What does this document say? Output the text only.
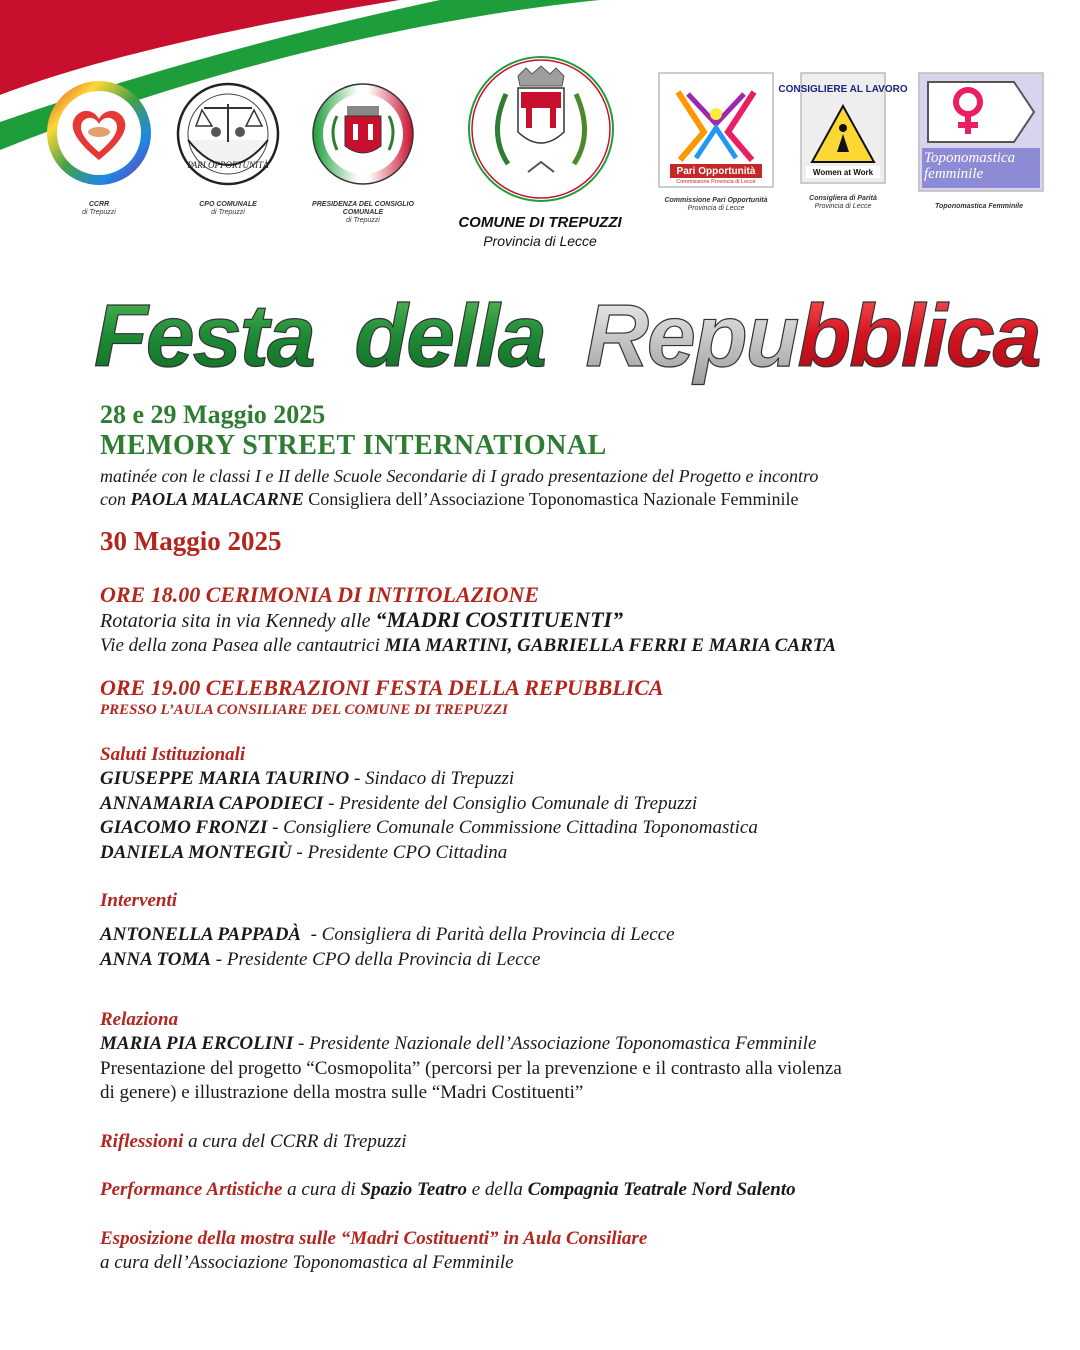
CCRR
di Trepuzzi
PARI OPPORTUNITÀ
CPO COMUNALE
di Trepuzzi
PRESIDENZA DEL CONSIGLIO COMUNALE
di Trepuzzi	COMUNE DI TREPUZZI
Provincia di Lecce
Pari Opportunità
Commissione Provincia di Lecce
Commissione Pari Opportunità
Provincia di Lecce
CONSIGLIERE AL LAVORO
Women at Work
Consigliera di Parità
Provincia di Lecce
Toponomastica femminile
Toponomastica Femminile
Festa della Repubblica
28 e 29 Maggio 2025
MEMORY STREET INTERNATIONAL
matinée con le classi I e II delle Scuole Secondarie di I grado presentazione del Progetto e incontro
con PAOLA MALACARNE Consigliera dell’Associazione Toponomastica Nazionale Femminile
30 Maggio 2025
ORE 18.00 CERIMONIA DI INTITOLAZIONE
Rotatoria sita in via Kennedy alle “MADRI COSTITUENTI”
Vie della zona Pasea alle cantautrici MIA MARTINI, GABRIELLA FERRI E MARIA CARTA
ORE 19.00 CELEBRAZIONI FESTA DELLA REPUBBLICA
PRESSO L’AULA CONSILIARE DEL COMUNE DI TREPUZZI
Saluti Istituzionali
GIUSEPPE MARIA TAURINO - Sindaco di Trepuzzi
ANNAMARIA CAPODIECI - Presidente del Consiglio Comunale di Trepuzzi
GIACOMO FRONZI - Consigliere Comunale Commissione Cittadina Toponomastica
DANIELA MONTEGIÙ - Presidente CPO Cittadina
Interventi
ANTONELLA PAPPADÀ  - Consigliera di Parità della Provincia di Lecce
ANNA TOMA - Presidente CPO della Provincia di Lecce
Relaziona
MARIA PIA ERCOLINI - Presidente Nazionale dell’Associazione Toponomastica Femminile
Presentazione del progetto “Cosmopolita” (percorsi per la prevenzione e il contrasto alla violenza
di genere) e illustrazione della mostra sulle “Madri Costituenti”
Riflessioni a cura del CCRR di Trepuzzi
Performance Artistiche a cura di Spazio Teatro e della Compagnia Teatrale Nord Salento
Esposizione della mostra sulle “Madri Costituenti” in Aula Consiliare
a cura dell’Associazione Toponomastica al Femminile
